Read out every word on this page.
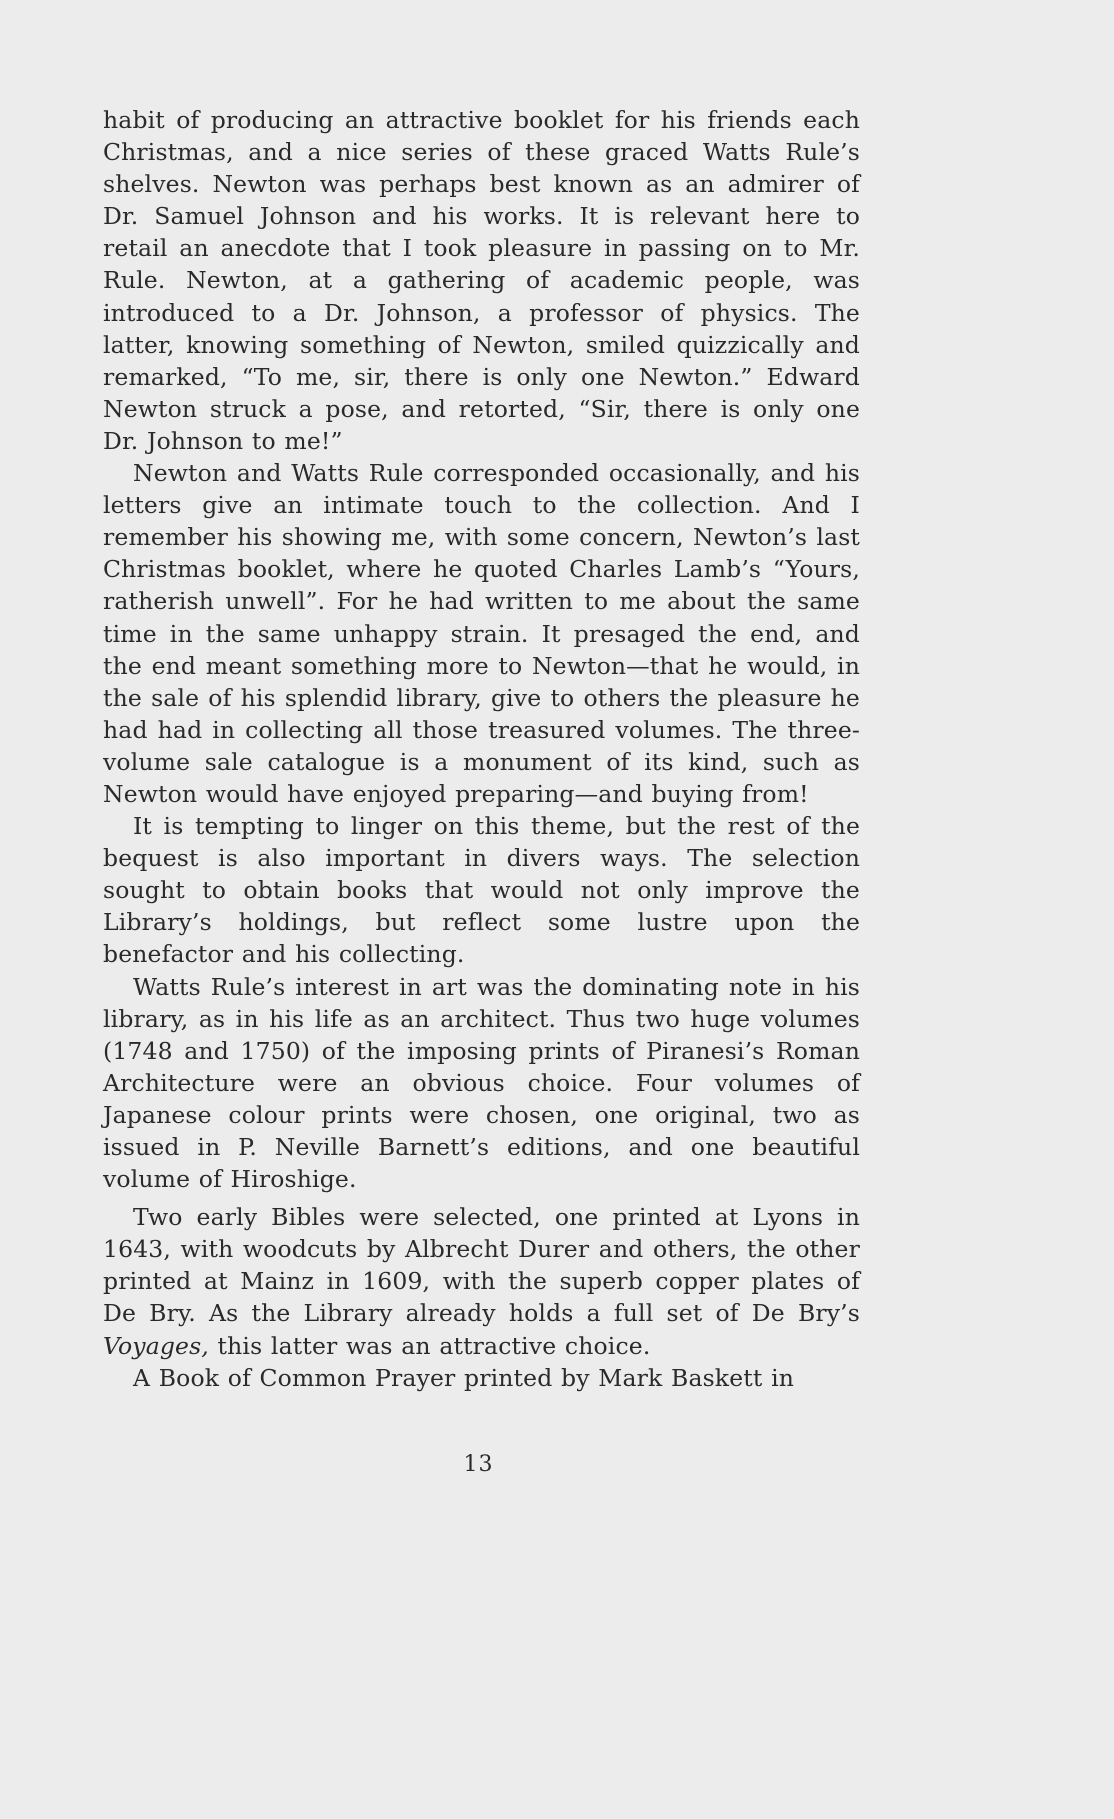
habit of producing an attractive booklet for his friends each Christmas, and a nice series of these graced Watts Rule’s shelves. Newton was perhaps best known as an admirer of Dr. Samuel Johnson and his works. It is relevant here to retail an anecdote that I took pleasure in passing on to Mr. Rule. Newton, at a gathering of academic people, was introduced to a Dr. Johnson, a professor of physics. The latter, knowing something of Newton, smiled quizzically and remarked, “To me, sir, there is only one Newton.” Edward Newton struck a pose, and retorted, “Sir, there is only one Dr. Johnson to me!”

Newton and Watts Rule corresponded occasionally, and his letters give an intimate touch to the collection. And I remember his showing me, with some concern, Newton’s last Christmas booklet, where he quoted Charles Lamb’s “Yours, ratherish unwell”. For he had written to me about the same time in the same unhappy strain. It presaged the end, and the end meant something more to Newton—that he would, in the sale of his splendid library, give to others the pleasure he had had in collecting all those treasured volumes. The three-volume sale catalogue is a monument of its kind, such as Newton would have enjoyed preparing—and buying from!

It is tempting to linger on this theme, but the rest of the bequest is also important in divers ways. The selection sought to obtain books that would not only improve the Library’s holdings, but reflect some lustre upon the benefactor and his collecting.

Watts Rule’s interest in art was the dominating note in his library, as in his life as an architect. Thus two huge volumes (1748 and 1750) of the imposing prints of Piranesi’s Roman Architecture were an obvious choice. Four volumes of Japanese colour prints were chosen, one original, two as issued in P. Neville Barnett’s editions, and one beautiful volume of Hiroshige.

Two early Bibles were selected, one printed at Lyons in 1643, with woodcuts by Albrecht Durer and others, the other printed at Mainz in 1609, with the superb copper plates of De Bry. As the Library already holds a full set of De Bry’s Voyages, this latter was an attractive choice.

A Book of Common Prayer printed by Mark Baskett in

13
